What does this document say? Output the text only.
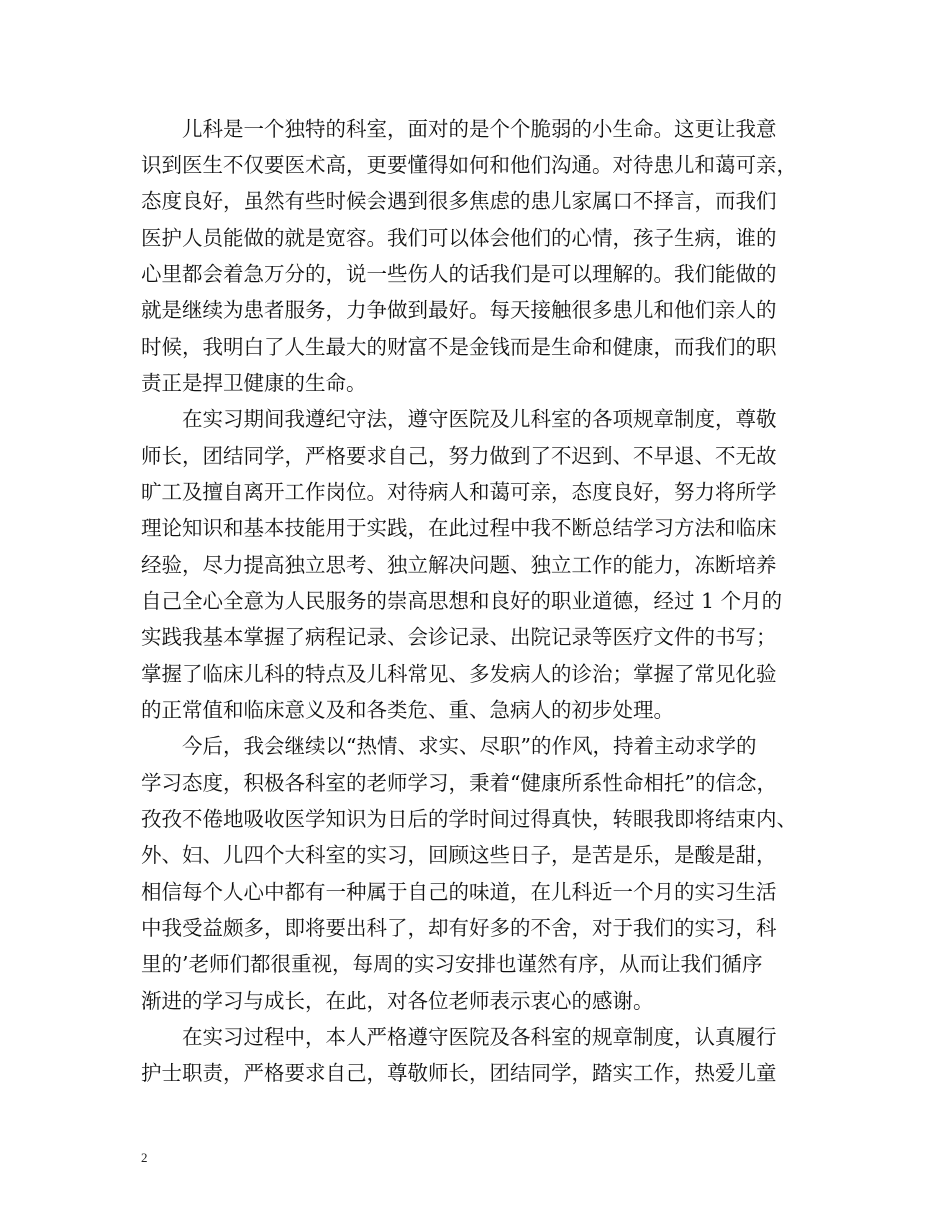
　　儿科是一个独特的科室，面对的是个个脆弱的小生命。这更让我意
识到医生不仅要医术高，更要懂得如何和他们沟通。对待患儿和蔼可亲，
态度良好，虽然有些时候会遇到很多焦虑的患儿家属口不择言，而我们
医护人员能做的就是宽容。我们可以体会他们的心情，孩子生病，谁的
心里都会着急万分的，说一些伤人的话我们是可以理解的。我们能做的
就是继续为患者服务，力争做到最好。每天接触很多患儿和他们亲人的
时候，我明白了人生最大的财富不是金钱而是生命和健康，而我们的职
责正是捍卫健康的生命。
　　在实习期间我遵纪守法，遵守医院及儿科室的各项规章制度，尊敬
师长，团结同学，严格要求自己，努力做到了不迟到、不早退、不无故
旷工及擅自离开工作岗位。对待病人和蔼可亲，态度良好，努力将所学
理论知识和基本技能用于实践，在此过程中我不断总结学习方法和临床
经验，尽力提高独立思考、独立解决问题、独立工作的能力，冻断培养
自己全心全意为人民服务的崇高思想和良好的职业道德，经过 1 个月的
实践我基本掌握了病程记录、会诊记录、出院记录等医疗文件的书写；
掌握了临床儿科的特点及儿科常见、多发病人的诊治；掌握了常见化验
的正常值和临床意义及和各类危、重、急病人的初步处理。
　　今后，我会继续以“热情、求实、尽职”的作风，持着主动求学的
学习态度，积极各科室的老师学习，秉着“健康所系性命相托”的信念，
孜孜不倦地吸收医学知识为日后的学时间过得真快，转眼我即将结束内、
外、妇、儿四个大科室的实习，回顾这些日子，是苦是乐，是酸是甜，
相信每个人心中都有一种属于自己的味道，在儿科近一个月的实习生活
中我受益颇多，即将要出科了，却有好多的不舍，对于我们的实习，科
里的’老师们都很重视，每周的实习安排也谨然有序，从而让我们循序
渐进的学习与成长，在此，对各位老师表示衷心的感谢。
　　在实习过程中，本人严格遵守医院及各科室的规章制度，认真履行
护士职责，严格要求自己，尊敬师长，团结同学，踏实工作，热爱儿童
2
